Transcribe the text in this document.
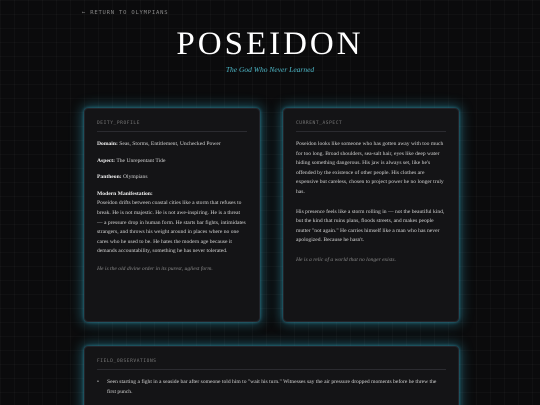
← RETURN TO OLYMPIANS
POSEIDON
The God Who Never Learned
DEITY_PROFILE
Domain: Seas, Storms, Entitlement, Unchecked Power
Aspect: The Unrepentant Tide
Pantheon: Olympians
Modern Manifestation:
Poseidon drifts between coastal cities like a storm that refuses to break. He is not majestic. He is not awe-inspiring. He is a threat — a pressure drop in human form. He starts bar fights, intimidates strangers, and throws his weight around in places where no one cares who he used to be. He hates the modern age because it demands accountability, something he has never tolerated.
He is the old divine order in its purest, ugliest form.
CURRENT_ASPECT

Poseidon looks like someone who has gotten away with too much for too long. Broad shoulders, sea-salt hair, eyes like deep water hiding something dangerous. His jaw is always set, like he's offended by the existence of other people. His clothes are expensive but careless, chosen to project power he no longer truly has.

His presence feels like a storm rolling in — not the beautiful kind, but the kind that ruins plans, floods streets, and makes people mutter "not again." He carries himself like a man who has never apologized. Because he hasn't.

He is a relic of a world that no longer exists.
FIELD_OBSERVATIONS
• Seen starting a fight in a seaside bar after someone told him to "wait his turn." Witnesses say the air pressure dropped moments before he threw the first punch.
